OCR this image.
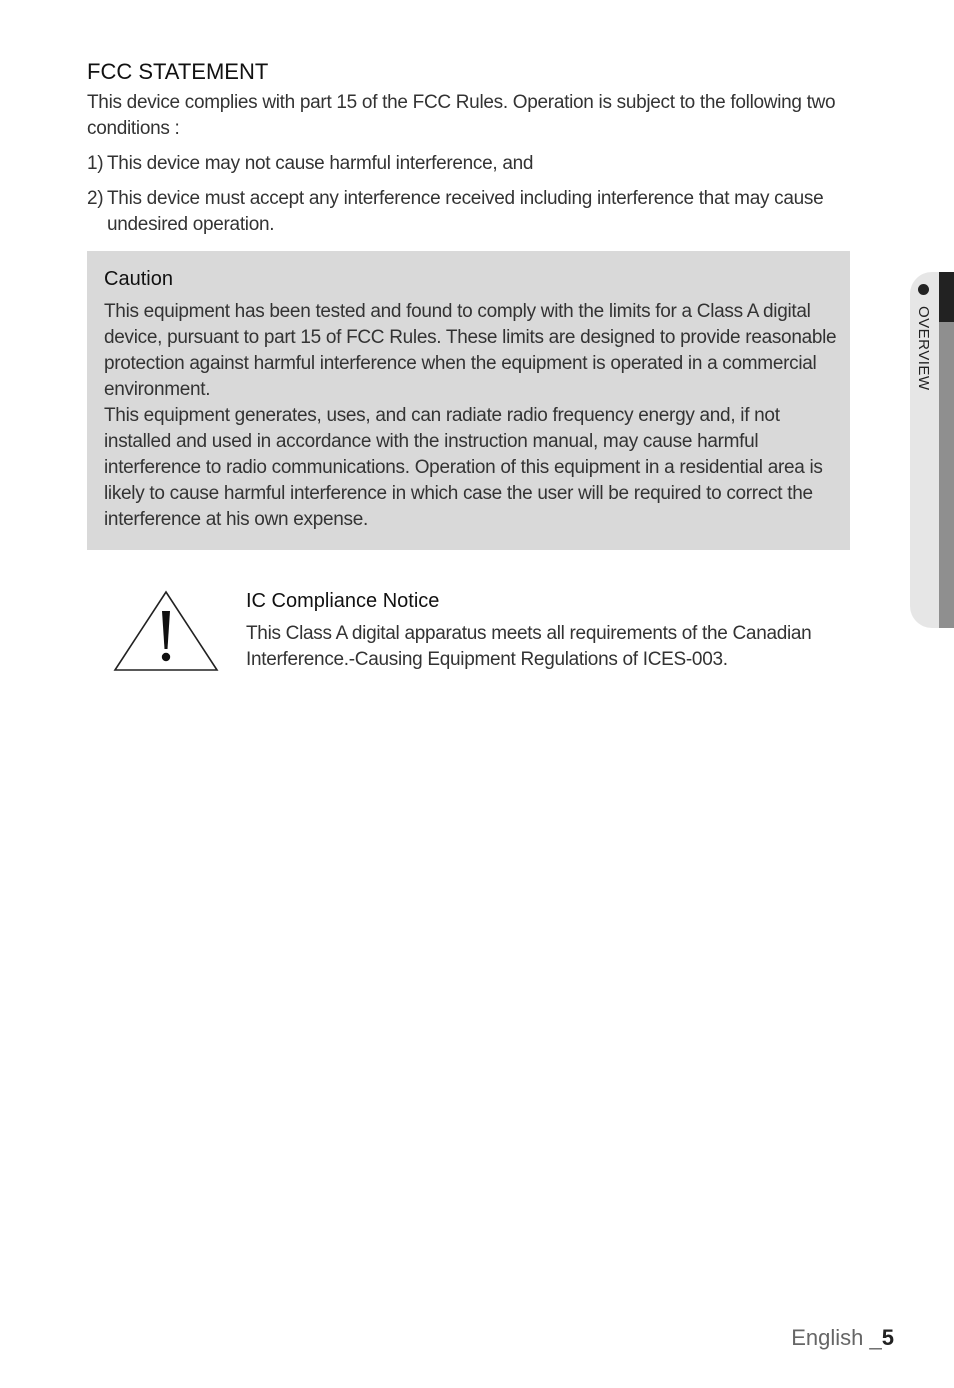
FCC STATEMENT

This device complies with part 15 of the FCC Rules. Operation is subject to the following two conditions :

1) This device may not cause harmful interference, and
2) This device must accept any interference received including interference that may cause undesired operation.

Caution

This equipment has been tested and found to comply with the limits for a Class A digital device, pursuant to part 15 of FCC Rules. These limits are designed to provide reasonable protection against harmful interference when the equipment is operated in a commercial environment.

This equipment generates, uses, and can radiate radio frequency energy and, if not installed and used in accordance with the instruction manual, may cause harmful interference to radio communications. Operation of this equipment in a residential area is likely to cause harmful interference in which case the user will be required to correct the interference at his own expense.

IC Compliance Notice

This Class A digital apparatus meets all requirements of the Canadian Interference.-Causing Equipment Regulations of ICES-003.

OVERVIEW
English _5
